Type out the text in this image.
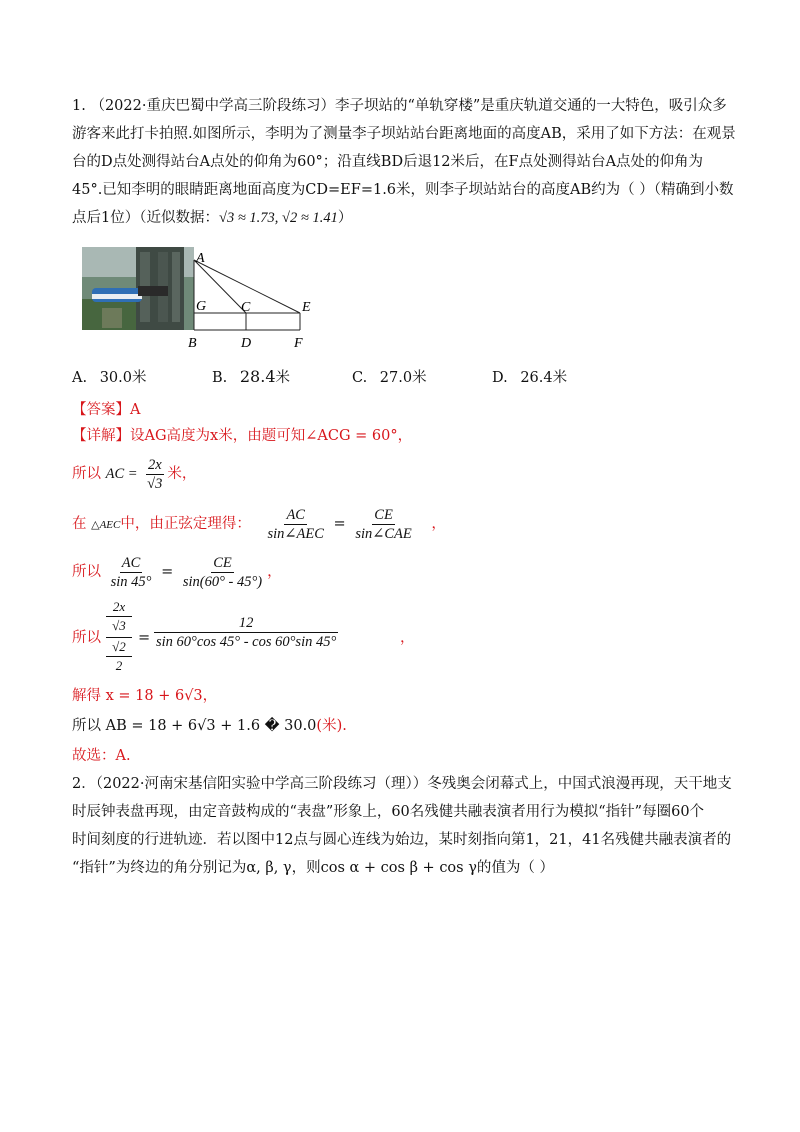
1. （2022·重庆巴蜀中学高三阶段练习）李子坝站的“单轨穿楼”是重庆轨道交通的一大特色，吸引众多
游客来此打卡拍照.如图所示，李明为了测量李子坝站站台距离地面的高度AB，采用了如下方法：在观景
台的D点处测得站台A点处的仰角为60°；沿直线BD后退12米后，在F点处测得站台A点处的仰角为
45°.已知李明的眼睛距离地面高度为CD=EF=1.6米，则李子坝站站台的高度AB约为（ ）（精确到小数
点后1位）（近似数据：√3 ≈ 1.73, √2 ≈ 1.41）
A
G C	E
B	D	F
A. 30.0米	B. 28.4米	C. 27.0米	D. 26.4米
【答案】A
【详解】设AG高度为x米，由题可知∠ACG = 60°，
所以 AC = $\frac{2x}{√3}$ 米，
在 △AEC中，由正弦定理得： $\frac{AC}{\text{sin∠AEC}} = \frac{CE}{\text{sin∠CAE}}$ ，
所以 $\frac{AC}{\sin 45^\circ} = \frac{CE}{\sin(60^\circ - 45^\circ)}$ ，
所以
2x
√3
√2
2
=
12
sin 60°cos 45° - cos 60°sin 45°	，
解得 x = 18 + 6√3，
所以 AB = 18 + 6√3 + 1.6 � 30.0(米).
故选：A.
2．（2022·河南宋基信阳实验中学高三阶段练习（理））冬残奥会闭幕式上，中国式浪漫再现，天干地支
时辰钟表盘再现，由定音鼓构成的“表盘”形象上，60名残健共融表演者用行为模拟“指针”每圈60个
时间刻度的行进轨迹．若以图中12点与圆心连线为始边，某时刻指向第1，21，41名残健共融表演者的
“指针”为终边的角分别记为α, β, γ，则cos α + cos β + cos γ的值为（ ）
